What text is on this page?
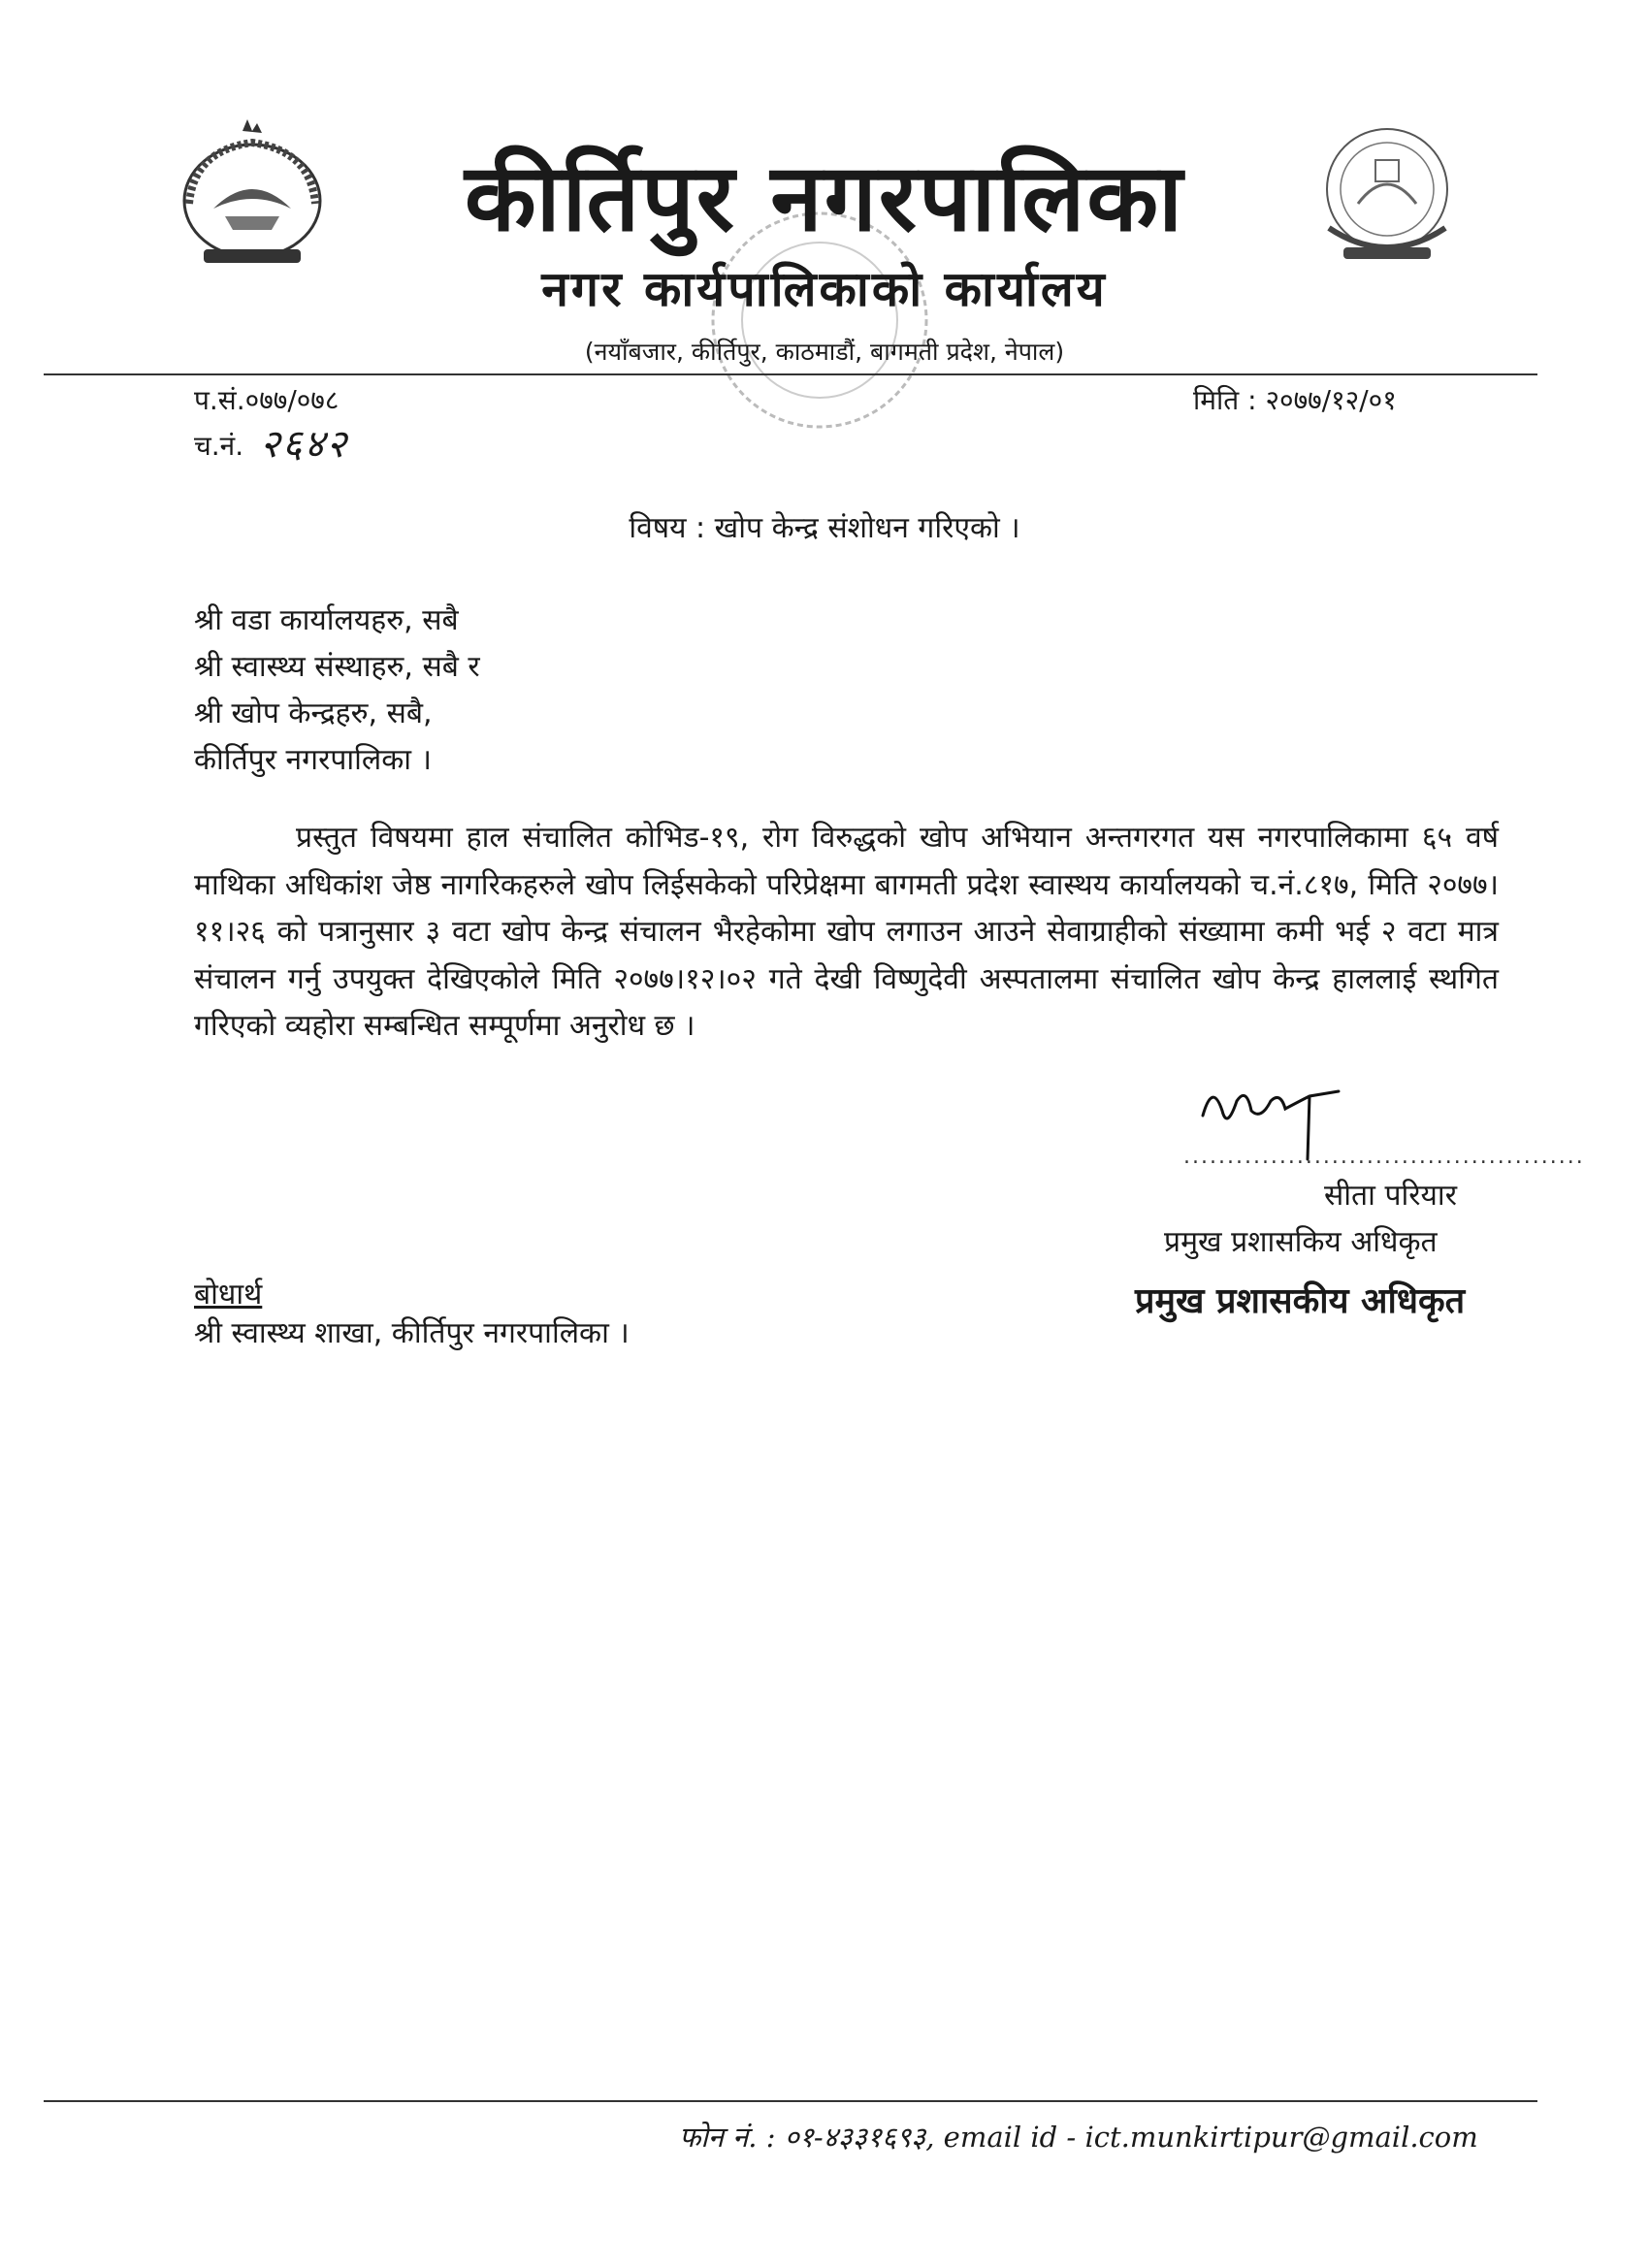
कीर्तिपुर नगरपालिका
नगर कार्यपालिकाको कार्यालय
(नयाँबजार, कीर्तिपुर, काठमाडौं, बागमती प्रदेश, नेपाल)
प.सं.०७७/०७८
च.नं. २६४२
मिति : २०७७/१२/०१
विषय : खोप केन्द्र संशोधन गरिएको ।
श्री वडा कार्यालयहरु, सबै
श्री स्वास्थ्य संस्थाहरु, सबै र
श्री खोप केन्द्रहरु, सबै,
कीर्तिपुर नगरपालिका ।
प्रस्तुत विषयमा हाल संचालित कोभिड-१९, रोग विरुद्धको खोप अभियान अन्तगरगत यस नगरपालिकामा ६५ वर्ष माथिका अधिकांश जेष्ठ नागरिकहरुले खोप लिईसकेको परिप्रेक्षमा बागमती प्रदेश स्वास्थय कार्यालयको च.नं.८१७, मिति २०७७।११।२६ को पत्रानुसार ३ वटा खोप केन्द्र संचालन भैरहेकोमा खोप लगाउन आउने सेवाग्राहीको संख्यामा कमी भई २ वटा मात्र संचालन गर्नु उपयुक्त देखिएकोले मिति २०७७।१२।०२ गते देखी विष्णुदेवी अस्पतालमा संचालित खोप केन्द्र हाललाई स्थगित गरिएको व्यहोरा सम्बन्धित सम्पूर्णमा अनुरोध छ ।
..............................................
सीता परियार
प्रमुख प्रशासकिय अधिकृत
प्रमुख प्रशासकीय अधिकृत
बोधार्थ
श्री स्वास्थ्य शाखा, कीर्तिपुर नगरपालिका ।
फोन नं. : ०१-४३३१६९३, email id - ict.munkirtipur@gmail.com
